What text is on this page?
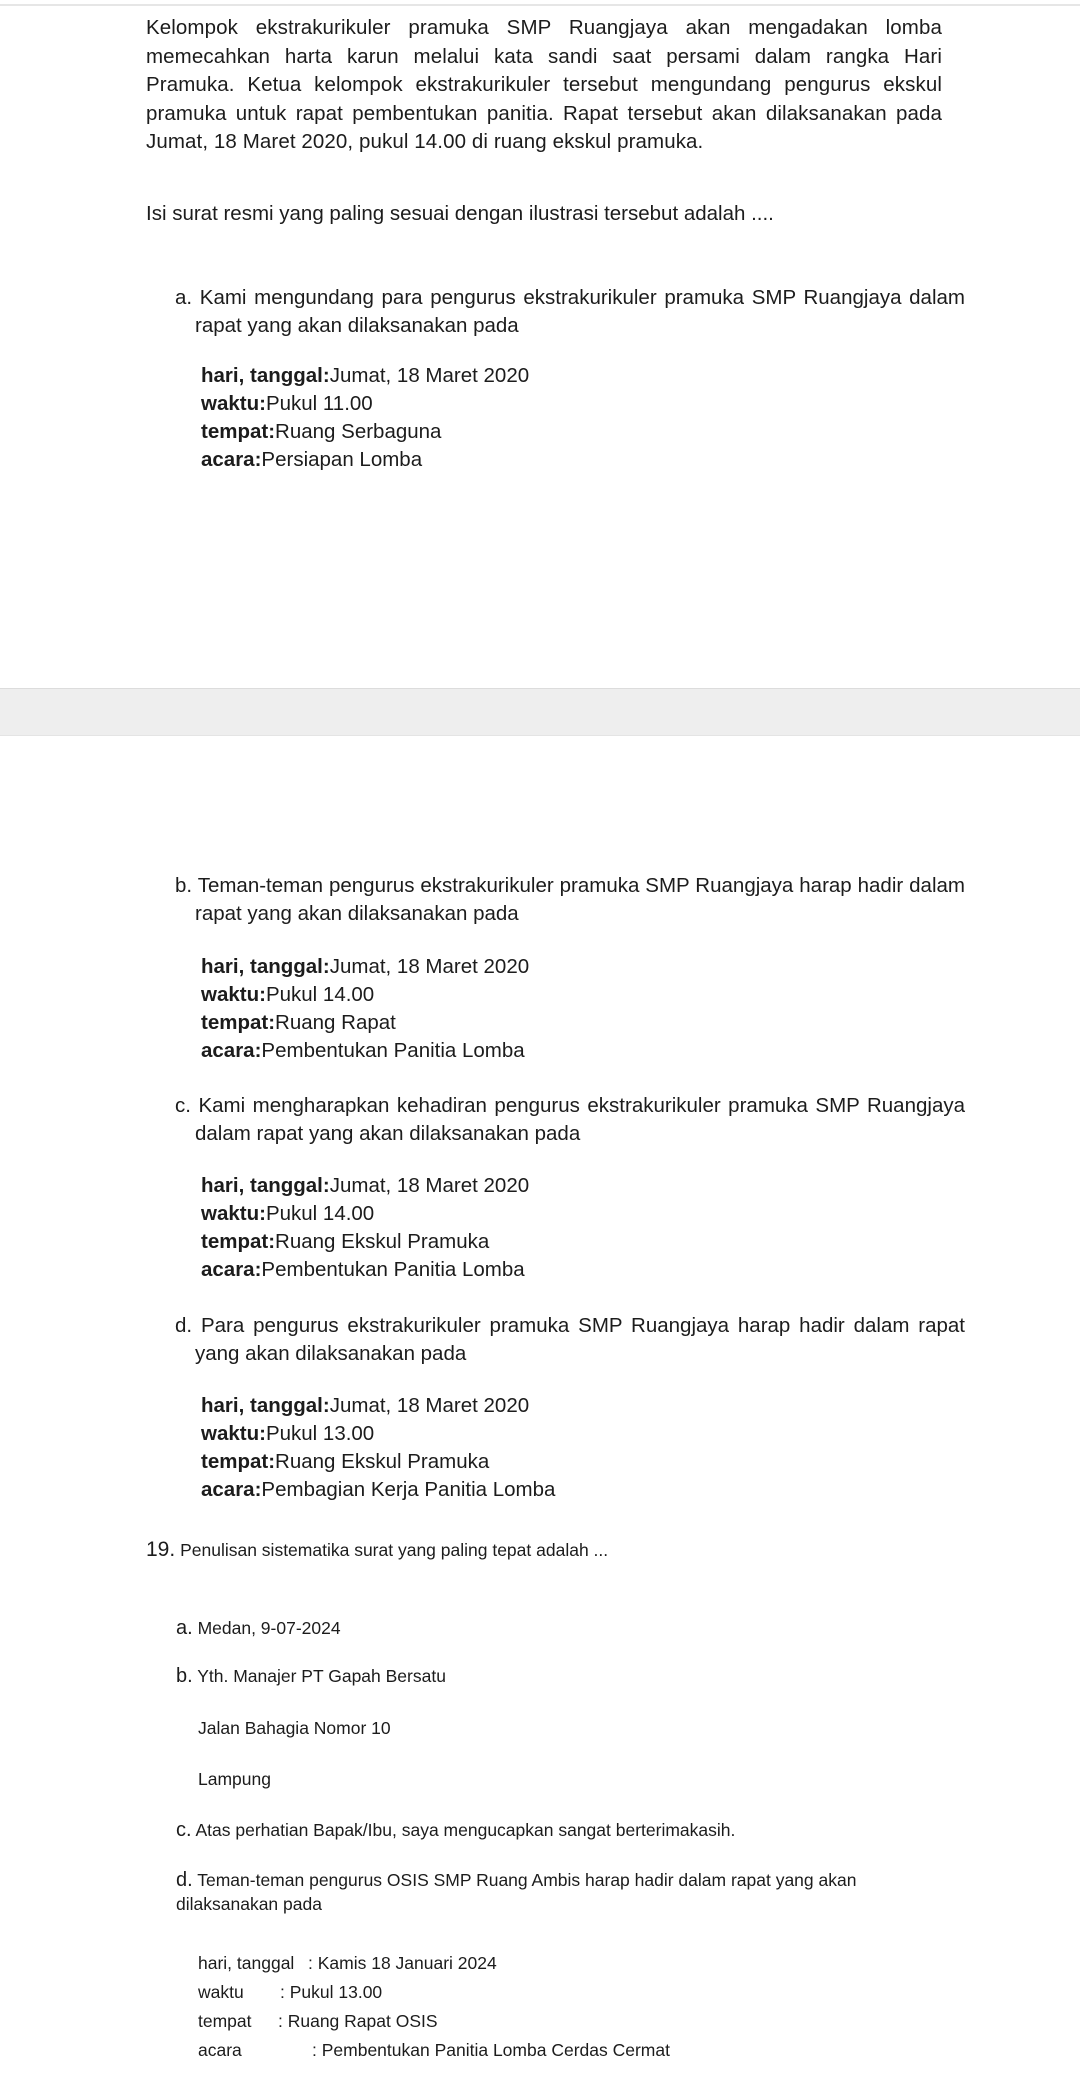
Kelompok ekstrakurikuler pramuka SMP Ruangjaya akan mengadakan lomba memecahkan harta karun melalui kata sandi saat persami dalam rangka Hari Pramuka. Ketua kelompok ekstrakurikuler tersebut mengundang pengurus ekskul pramuka untuk rapat pembentukan panitia. Rapat tersebut akan dilaksanakan pada Jumat, 18 Maret 2020, pukul 14.00 di ruang ekskul pramuka.
Isi surat resmi yang paling sesuai dengan ilustrasi tersebut adalah ....
a. Kami mengundang para pengurus ekstrakurikuler pramuka SMP Ruangjaya dalam rapat yang akan dilaksanakan pada
hari, tanggal:Jumat, 18 Maret 2020
waktu:Pukul 11.00
tempat:Ruang Serbaguna
acara:Persiapan Lomba
b. Teman-teman pengurus ekstrakurikuler pramuka SMP Ruangjaya harap hadir dalam rapat yang akan dilaksanakan pada
hari, tanggal:Jumat, 18 Maret 2020
waktu:Pukul 14.00
tempat:Ruang Rapat
acara:Pembentukan Panitia Lomba
c. Kami mengharapkan kehadiran pengurus ekstrakurikuler pramuka SMP Ruangjaya dalam rapat yang akan dilaksanakan pada
hari, tanggal:Jumat, 18 Maret 2020
waktu:Pukul 14.00
tempat:Ruang Ekskul Pramuka
acara:Pembentukan Panitia Lomba
d. Para pengurus ekstrakurikuler pramuka SMP Ruangjaya harap hadir dalam rapat yang akan dilaksanakan pada
hari, tanggal:Jumat, 18 Maret 2020
waktu:Pukul 13.00
tempat:Ruang Ekskul Pramuka
acara:Pembagian Kerja Panitia Lomba
19. Penulisan sistematika surat yang paling tepat adalah ...
a. Medan, 9-07-2024
b. Yth. Manajer PT Gapah Bersatu
Jalan Bahagia Nomor 10
Lampung
c. Atas perhatian Bapak/Ibu, saya mengucapkan sangat berterimakasih.
d. Teman-teman pengurus OSIS SMP Ruang Ambis harap hadir dalam rapat yang akan dilaksanakan pada
hari, tanggal : Kamis 18 Januari 2024
waktu : Pukul 13.00
tempat : Ruang Rapat OSIS
acara	: Pembentukan Panitia Lomba Cerdas Cermat
